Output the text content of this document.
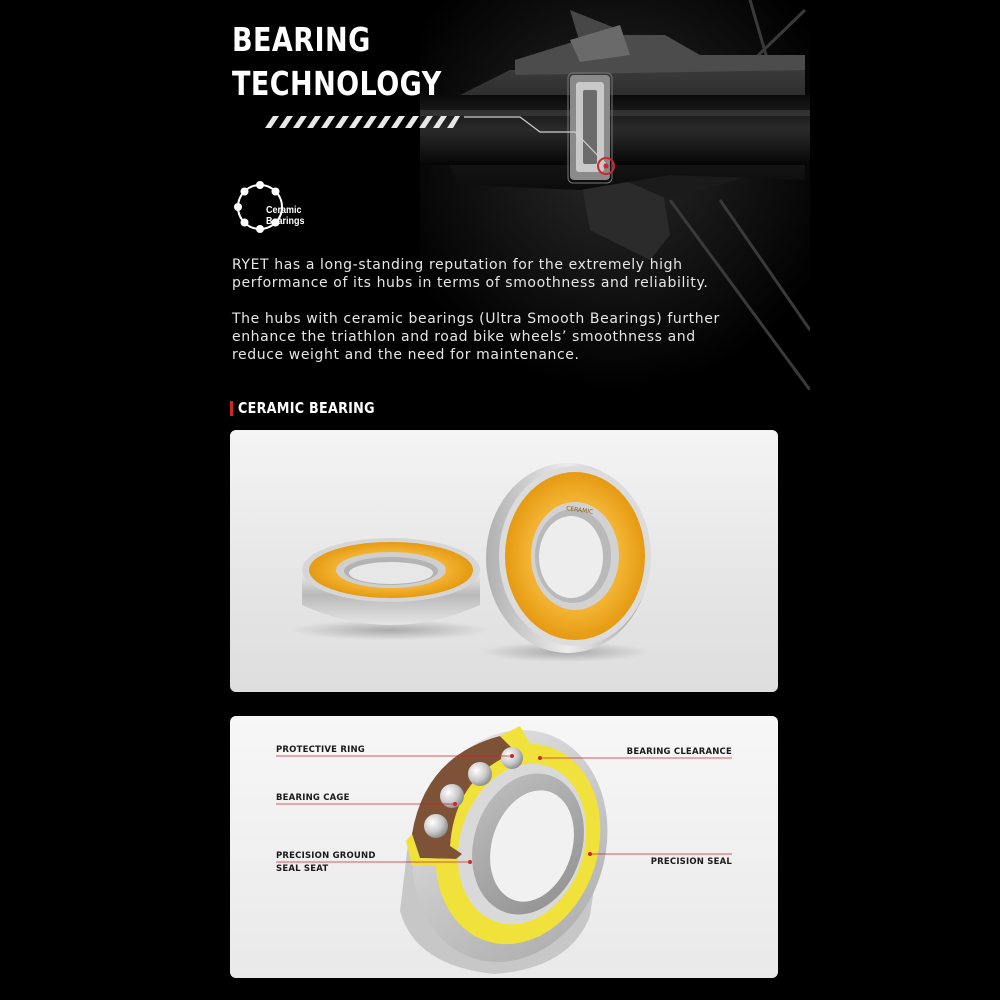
BEARING
TECHNOLOGY
Ceramic
Bearings

RYET has a long-standing reputation for the extremely high performance of its hubs in terms of smoothness and reliability.

The hubs with ceramic bearings (Ultra Smooth Bearings) further enhance the triathlon and road bike wheels’ smoothness and reduce weight and the need for maintenance.

CERAMIC BEARING
CERAMIC
PROTECTIVE RING
BEARING CAGE
PRECISION GROUND
SEAL SEAT
BEARING CLEARANCE
PRECISION SEAL
